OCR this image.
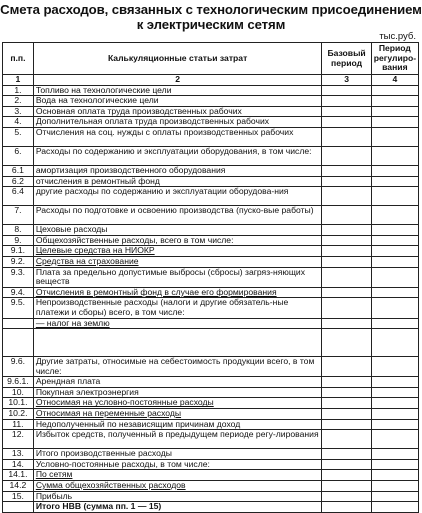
Смета расходов, связанных с технологическим присоединением
к электрическим сетям
тыс.руб.
п.п.	Калькуляционные статьи затрат	Базовый период	Период регулиро-вания
1	2	3	4
1.	Топливо на технологические цели		
2.	Вода на технологические цели		
3.	Основная оплата труда производственных рабочих		
4.	Дополнительная оплата труда производственных рабочих		
5.	Отчисления на соц. нужды с оплаты производственных рабочих		
6.	Расходы по содержанию и эксплуатации оборудования, в том числе:		
6.1	амортизация производственного оборудования		
6.2	отчисления в ремонтный фонд		
6.4	другие расходы по содержанию и эксплуатации оборудова-ния		
7.	Расходы по подготовке и освоению производства (пуско-вые работы)		
8.	Цеховые расходы		
9.	Общехозяйственные расходы, всего в том числе:		
9.1.	Целевые средства на НИОКР		
9.2.	Средства на страхование		
9.3.	Плата за предельно допустимые выбросы (сбросы) загряз-няющих веществ		
9.4.	Отчисления в ремонтный фонд в случае его формирования		
9.5.	Непроизводственные расходы (налоги и другие обязатель-ные платежи и сборы) всего, в том числе:		
	— налог на землю		

9.6.	Другие затраты, относимые на себестоимость продукции всего, в том числе:		
9.6.1.	Арендная плата		
10.	Покупная электроэнергия		
10.1.	Относимая на условно-постоянные расходы		
10.2.	Относимая на переменные расходы		
11.	Недополученный по независящим причинам доход		
12.	Избыток средств, полученный в предыдущем периоде регу-лирования		
13.	Итого производственные расходы		
14.	Условно-постоянные расходы, в том числе:		
14.1.	По сетям		
14.2	Сумма общехозяйственных расходов		
15.	Прибыль		
	Итого НВВ (сумма пп. 1 — 15)		
